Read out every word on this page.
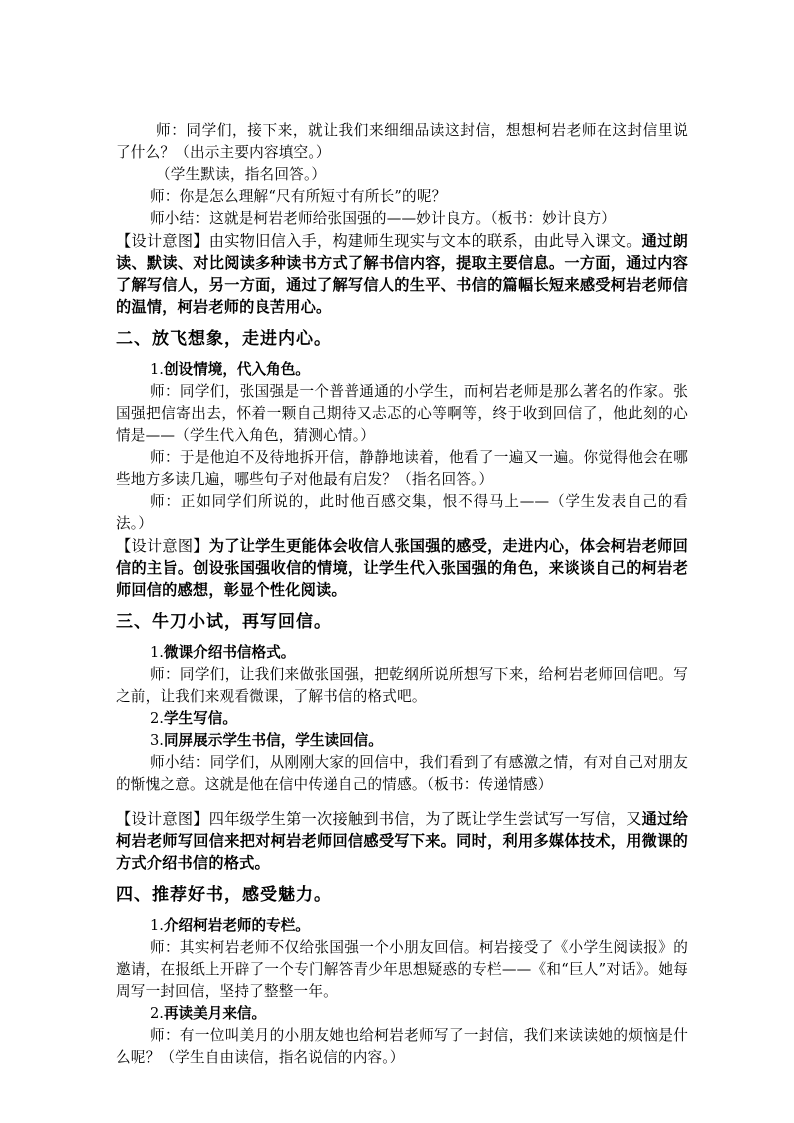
师：同学们，接下来，就让我们来细细品读这封信，想想柯岩老师在这封信里说了什么？（出示主要内容填空。）

（学生默读，指名回答。）

师：你是怎么理解“尺有所短寸有所长”的呢？

师小结：这就是柯岩老师给张国强的——妙计良方。（板书：妙计良方）

【设计意图】由实物旧信入手，构建师生现实与文本的联系，由此导入课文。通过朗读、默读、对比阅读多种读书方式了解书信内容，提取主要信息。一方面，通过内容了解写信人，另一方面，通过了解写信人的生平、书信的篇幅长短来感受柯岩老师信的温情，柯岩老师的良苦用心。

二、放飞想象，走进内心。

1.创设情境，代入角色。

师：同学们，张国强是一个普普通通的小学生，而柯岩老师是那么著名的作家。张国强把信寄出去，怀着一颗自己期待又忐忑的心等啊等，终于收到回信了，他此刻的心情是——（学生代入角色，猜测心情。）

师：于是他迫不及待地拆开信，静静地读着，他看了一遍又一遍。你觉得他会在哪些地方多读几遍，哪些句子对他最有启发？（指名回答。）

师：正如同学们所说的，此时他百感交集，恨不得马上——（学生发表自己的看法。）

【设计意图】为了让学生更能体会收信人张国强的感受，走进内心，体会柯岩老师回信的主旨。创设张国强收信的情境，让学生代入张国强的角色，来谈谈自己的柯岩老师回信的感想，彰显个性化阅读。

三、牛刀小试，再写回信。

1.微课介绍书信格式。

师：同学们，让我们来做张国强，把乾纲所说所想写下来，给柯岩老师回信吧。写之前，让我们来观看微课，了解书信的格式吧。

2.学生写信。

3.同屏展示学生书信，学生读回信。

师小结：同学们，从刚刚大家的回信中，我们看到了有感激之情，有对自己对朋友的惭愧之意。这就是他在信中传递自己的情感。（板书：传递情感）

【设计意图】四年级学生第一次接触到书信，为了既让学生尝试写一写信，又通过给柯岩老师写回信来把对柯岩老师回信感受写下来。同时，利用多媒体技术，用微课的方式介绍书信的格式。

四、推荐好书，感受魅力。

1.介绍柯岩老师的专栏。

师：其实柯岩老师不仅给张国强一个小朋友回信。柯岩接受了《小学生阅读报》的邀请，在报纸上开辟了一个专门解答青少年思想疑惑的专栏——《和“巨人”对话》。她每周写一封回信，坚持了整整一年。

2.再读美月来信。

师：有一位叫美月的小朋友她也给柯岩老师写了一封信，我们来读读她的烦恼是什么呢？（学生自由读信，指名说信的内容。）
